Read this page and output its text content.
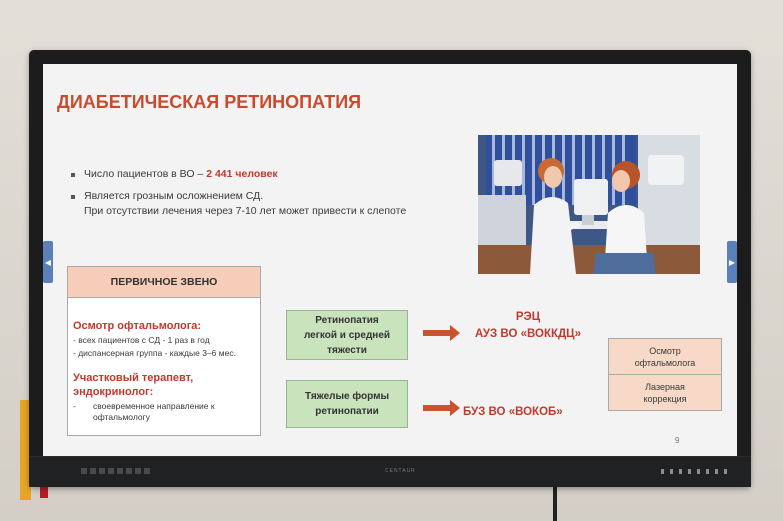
◀	▶
ДИАБЕТИЧЕСКАЯ РЕТИНОПАТИЯ
Число пациентов в ВО – 2 441 человек
Является грозным осложнением СД.
При отсутствии лечения через 7-10 лет может привести к слепоте
ПЕРВИЧНОЕ ЗВЕНО
Осмотр офтальмолога:
- всех пациентов с СД - 1 раз в год
- диспансерная группа - каждые 3–6 мес.
Участковый терапевт,
эндокринолог:
-	своевременное направление к
офтальмологу
Ретинопатия
легкой и средней
тяжести
РЭЦ
АУЗ ВО «ВОККДЦ»
Тяжелые формы
ретинопатии	БУЗ ВО «ВОКОБ»
Осмотр
офтальмолога
Лазерная
коррекция
9
CENTAUR
